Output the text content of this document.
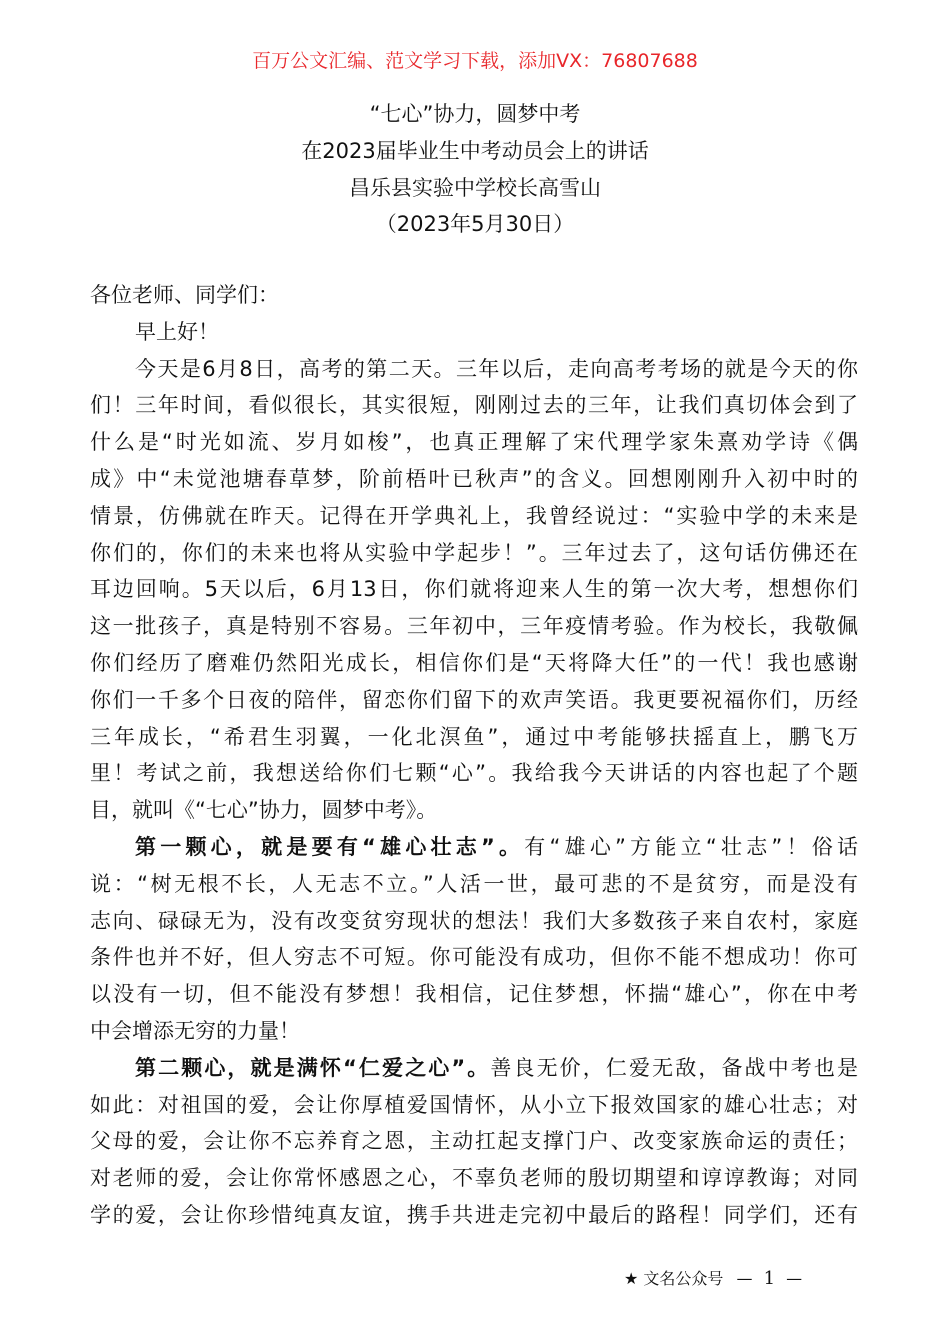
百万公文汇编、范文学习下载，添加VX：76807688
“七心”协力，圆梦中考
在2023届毕业生中考动员会上的讲话
昌乐县实验中学校长高雪山
（2023年5月30日）
各位老师、同学们：
早上好！
今天是6月8日，高考的第二天。三年以后，走向高考考场的就是今天的你
们！三年时间，看似很长，其实很短，刚刚过去的三年，让我们真切体会到了
什么是“时光如流、岁月如梭”，也真正理解了宋代理学家朱熹劝学诗《偶
成》中“未觉池塘春草梦，阶前梧叶已秋声”的含义。回想刚刚升入初中时的
情景，仿佛就在昨天。记得在开学典礼上，我曾经说过：“实验中学的未来是
你们的，你们的未来也将从实验中学起步！”。三年过去了，这句话仿佛还在
耳边回响。5天以后，6月13日，你们就将迎来人生的第一次大考，想想你们
这一批孩子，真是特别不容易。三年初中，三年疫情考验。作为校长，我敬佩
你们经历了磨难仍然阳光成长，相信你们是“天将降大任”的一代！我也感谢
你们一千多个日夜的陪伴，留恋你们留下的欢声笑语。我更要祝福你们，历经
三年成长，“希君生羽翼，一化北溟鱼”，通过中考能够扶摇直上，鹏飞万
里！考试之前，我想送给你们七颗“心”。我给我今天讲话的内容也起了个题
目，就叫《“七心”协力，圆梦中考》。
第一颗心，就是要有“雄心壮志”。有“雄心”方能立“壮志”！俗话
说：“树无根不长，人无志不立。”人活一世，最可悲的不是贫穷，而是没有
志向、碌碌无为，没有改变贫穷现状的想法！我们大多数孩子来自农村，家庭
条件也并不好，但人穷志不可短。你可能没有成功，但你不能不想成功！你可
以没有一切，但不能没有梦想！我相信，记住梦想，怀揣“雄心”，你在中考
中会增添无穷的力量！
第二颗心，就是满怀“仁爱之心”。善良无价，仁爱无敌，备战中考也是
如此：对祖国的爱，会让你厚植爱国情怀，从小立下报效国家的雄心壮志；对
父母的爱，会让你不忘养育之恩，主动扛起支撑门户、改变家族命运的责任；
对老师的爱，会让你常怀感恩之心，不辜负老师的殷切期望和谆谆教诲；对同
学的爱，会让你珍惜纯真友谊，携手共进走完初中最后的路程！同学们，还有
★ 文名公众号 — 1 —
